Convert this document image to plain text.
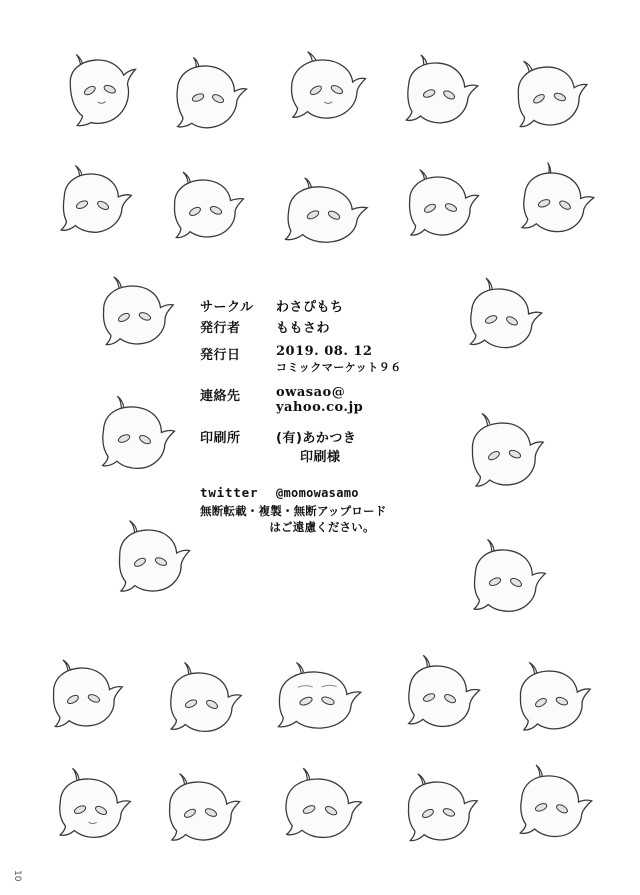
サークル	わさぴもち
発行者	ももさわ
発行日	2019. 08. 12
コミックマーケット９６
連絡先	owasao@
yahoo.co.jp
印刷所	(有)あかつき
印刷様
twitter	@momowasamo
無断転載・複製・無断アップロード
はご遠慮ください。
10
